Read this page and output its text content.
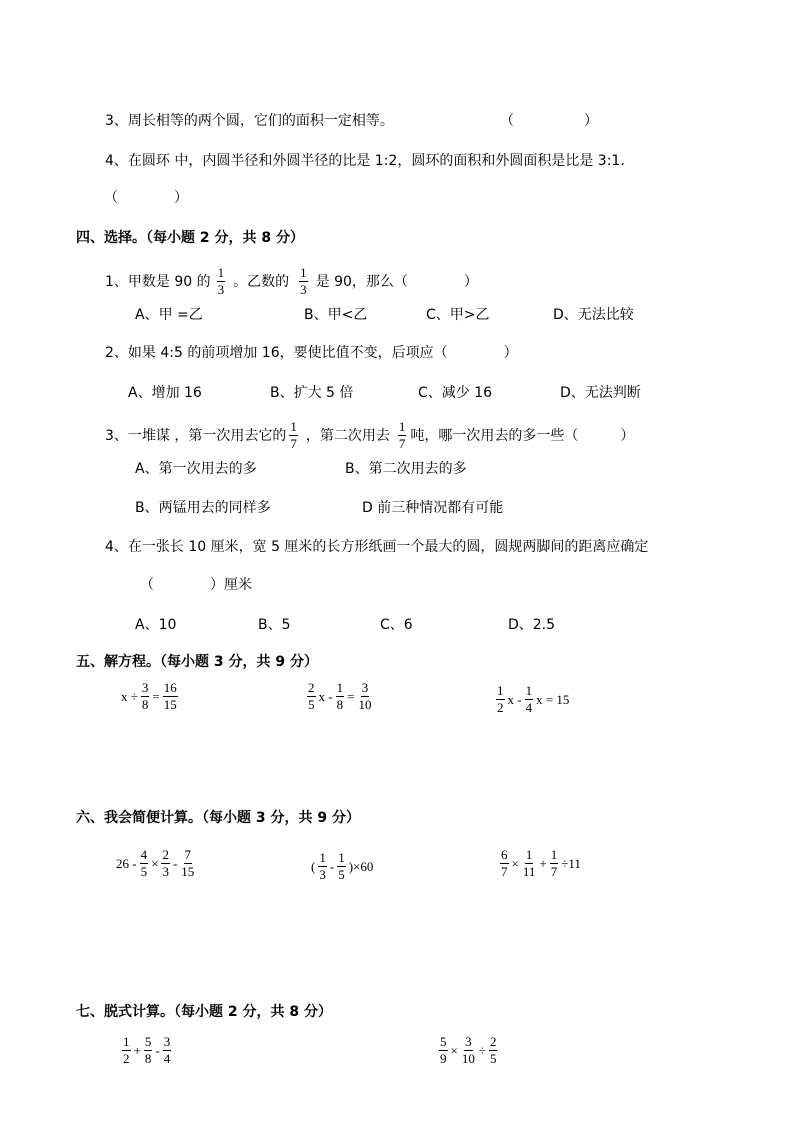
3、周长相等的两个圆，它们的面积一定相等。	（　　　　　）
4、在圆环 中，内圆半径和外圆半径的比是 1:2，圆环的面积和外圆面积是比是 3:1.
（　　　　）
四、选择。（每小题 2 分，共 8 分）
1、甲数是 90 的 $\frac{1}{3}$ 。乙数的 $\frac{1}{3}$ 是 90，那么（　　　　）
A、甲 =乙	B、甲<乙	C、甲>乙	D、无法比较
2、如果 4:5 的前项增加 16，要使比值不变，后项应（　　　　）
A、增加 16	B、扩大 5 倍	C、减少 16	D、无法判断
3、一堆谋 ，第一次用去它的 $\frac{1}{7}$ ，第二次用去 $\frac{1}{7}$ 吨，哪一次用去的多一些（　　　）
A、第一次用去的多	B、第二次用去的多
B、两锰用去的同样多	D 前三种情况都有可能
4、在一张长 10 厘米，宽 5 厘米的长方形纸画一个最大的圆，圆规两脚间的距离应确定
（　　　　）厘米
A、10	B、5	C、6	D、2.5
五、解方程。（每小题 3 分，共 9 分）
$x \div \frac{3}{8} = \frac{16}{15}$	$\frac{2}{5}$ $x - \frac{1}{8} = \frac{3}{10}$	$\frac{1}{2}$ x - $\frac{1}{4}$ x = 15
六、我会简便计算。（每小题 3 分，共 9 分）
$26 - \frac{4}{5} \times \frac{2}{3} - \frac{7}{15}$	( $\frac{1}{3} - \frac{1}{5} )\times 60$	$\frac{6}{7} \times \frac{1}{11} + \frac{1}{7} \div 11$
七、脱式计算。（每小题 2 分，共 8 分）
$\frac{1}{2} + \frac{5}{8} - \frac{3}{4}$	$\frac{5}{9} \times \frac{3}{10} \div \frac{2}{5}$
